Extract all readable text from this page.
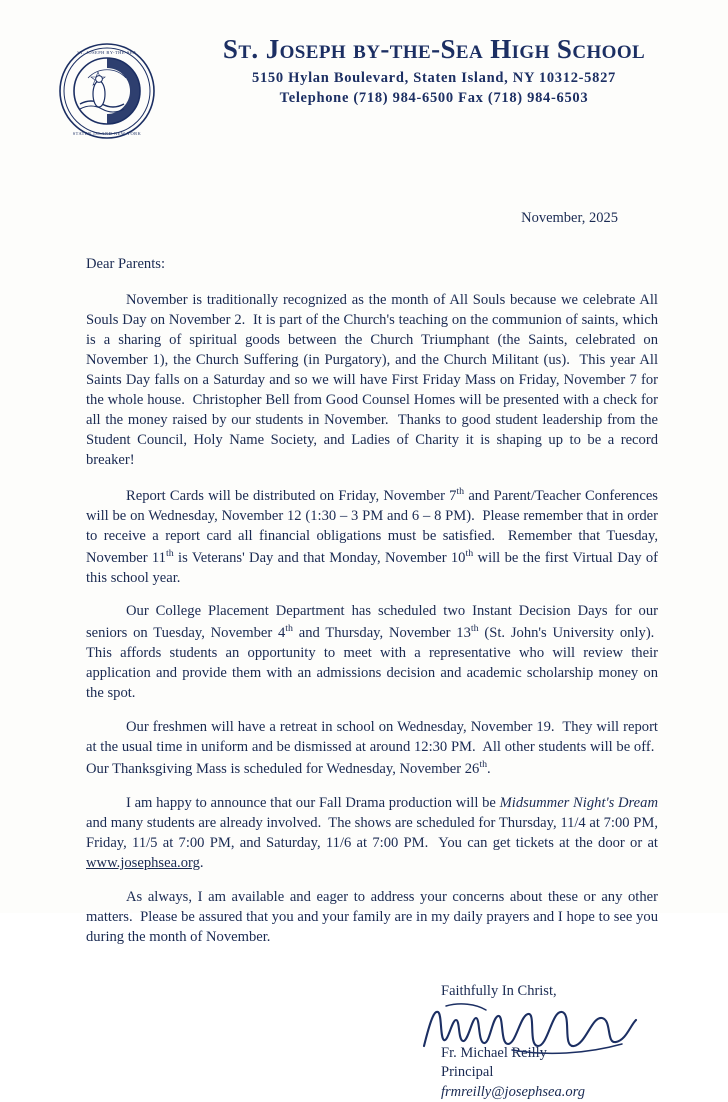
ST. JOSEPH BY-THE-SEA
STATEN ISLAND NEW YORK
St. Joseph by-the-Sea High School
5150 Hylan Boulevard, Staten Island, NY 10312-5827
Telephone (718) 984-6500 Fax (718) 984-6503
November, 2025
Dear Parents:

November is traditionally recognized as the month of All Souls because we celebrate All Souls Day on November 2.  It is part of the Church's teaching on the communion of saints, which is a sharing of spiritual goods between the Church Triumphant (the Saints, celebrated on November 1), the Church Suffering (in Purgatory), and the Church Militant (us).  This year All Saints Day falls on a Saturday and so we will have First Friday Mass on Friday, November 7 for the whole house.  Christopher Bell from Good Counsel Homes will be presented with a check for all the money raised by our students in November.  Thanks to good student leadership from the Student Council, Holy Name Society, and Ladies of Charity it is shaping up to be a record breaker!

Report Cards will be distributed on Friday, November 7th and Parent/Teacher Conferences will be on Wednesday, November 12 (1:30 – 3 PM and 6 – 8 PM).  Please remember that in order to receive a report card all financial obligations must be satisfied.  Remember that Tuesday, November 11th is Veterans' Day and that Monday, November 10th will be the first Virtual Day of this school year.

Our College Placement Department has scheduled two Instant Decision Days for our seniors on Tuesday, November 4th and Thursday, November 13th (St. John's University only).  This affords students an opportunity to meet with a representative who will review their application and provide them with an admissions decision and academic scholarship money on the spot.

Our freshmen will have a retreat in school on Wednesday, November 19.  They will report at the usual time in uniform and be dismissed at around 12:30 PM.  All other students will be off.  Our Thanksgiving Mass is scheduled for Wednesday, November 26th.

I am happy to announce that our Fall Drama production will be Midsummer Night's Dream and many students are already involved.  The shows are scheduled for Thursday, 11/4 at 7:00 PM, Friday, 11/5 at 7:00 PM, and Saturday, 11/6 at 7:00 PM.  You can get tickets at the door or at www.josephsea.org.

As always, I am available and eager to address your concerns about these or any other matters.  Please be assured that you and your family are in my daily prayers and I hope to see you during the month of November.

Faithfully In Christ,
Fr. Michael Reilly
Principal
frmreilly@josephsea.org
